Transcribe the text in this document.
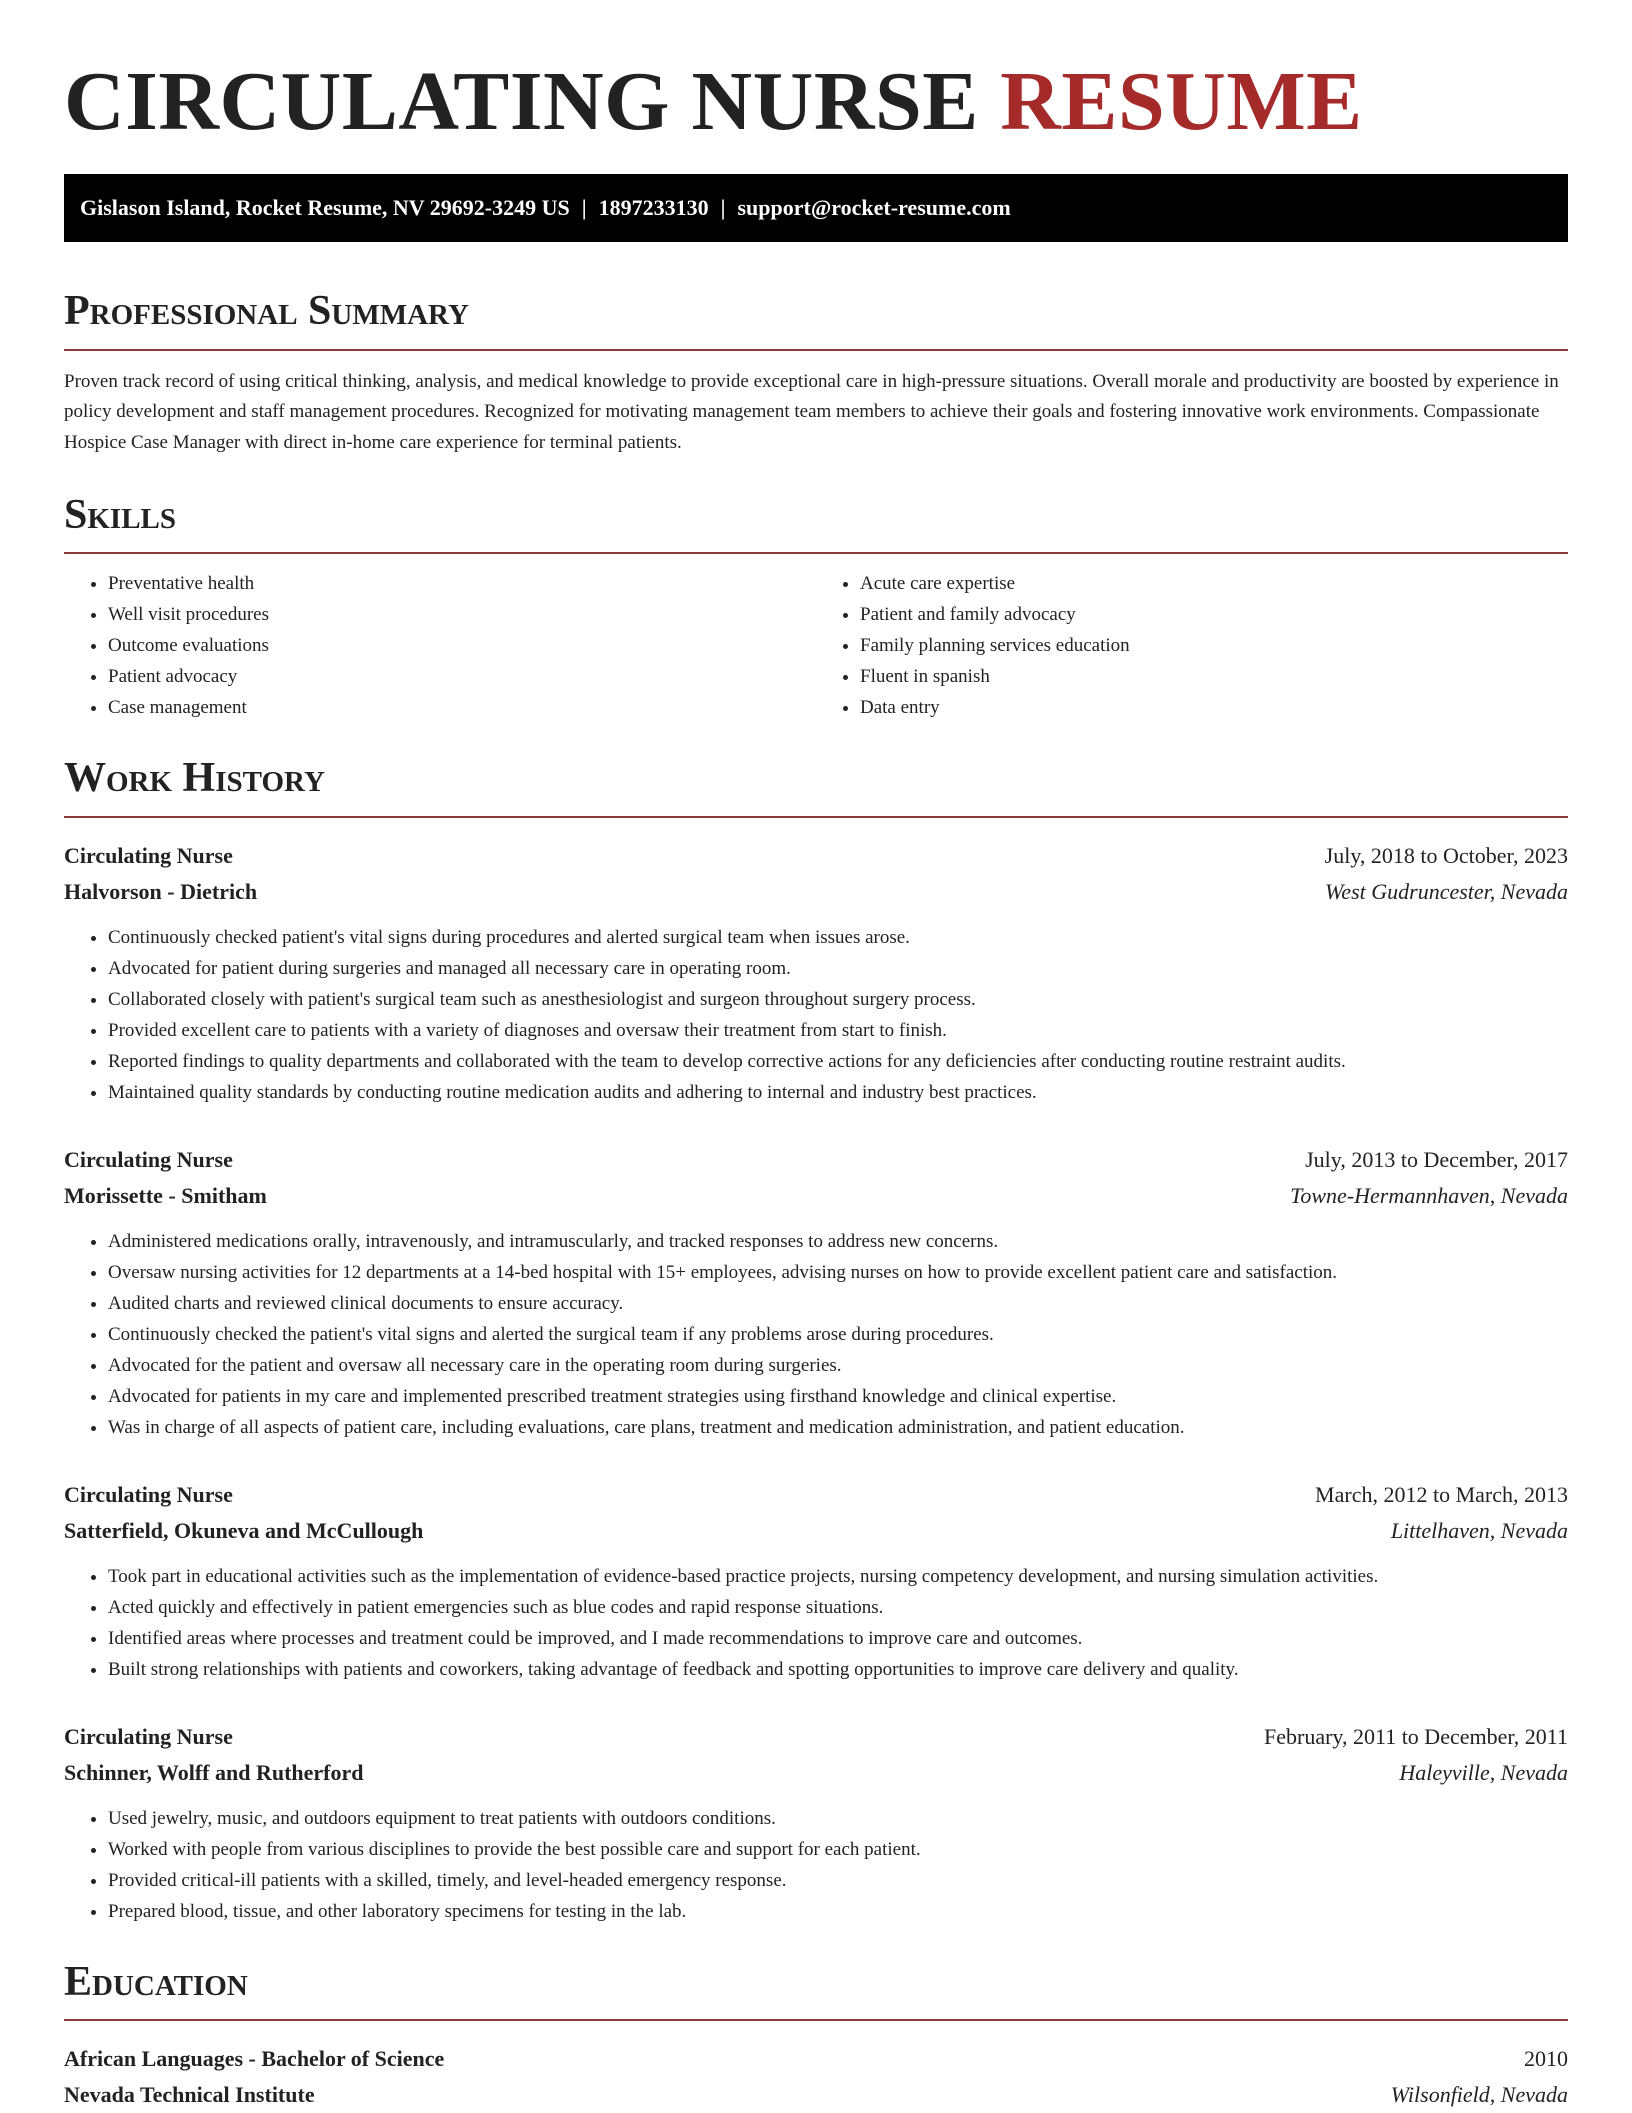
CIRCULATING NURSE RESUME
Gislason Island, Rocket Resume, NV 29692-3249 US | 1897233130 | support@rocket-resume.com
Professional Summary

Proven track record of using critical thinking, analysis, and medical knowledge to provide exceptional care in high-pressure situations. Overall morale and productivity are boosted by experience in policy development and staff management procedures. Recognized for motivating management team members to achieve their goals and fostering innovative work environments. Compassionate Hospice Case Manager with direct in-home care experience for terminal patients.

Skills
• Preventative health
• Well visit procedures
• Outcome evaluations
• Patient advocacy
• Case management
• Acute care expertise
• Patient and family advocacy
• Family planning services education
• Fluent in spanish
• Data entry
Work History
Circulating Nurse	July, 2018 to October, 2023
Halvorson - Dietrich	West Gudruncester, Nevada
• Continuously checked patient's vital signs during procedures and alerted surgical team when issues arose.
• Advocated for patient during surgeries and managed all necessary care in operating room.
• Collaborated closely with patient's surgical team such as anesthesiologist and surgeon throughout surgery process.
• Provided excellent care to patients with a variety of diagnoses and oversaw their treatment from start to finish.
• Reported findings to quality departments and collaborated with the team to develop corrective actions for any deficiencies after conducting routine restraint audits.
• Maintained quality standards by conducting routine medication audits and adhering to internal and industry best practices.
Circulating Nurse	July, 2013 to December, 2017
Morissette - Smitham	Towne-Hermannhaven, Nevada
• Administered medications orally, intravenously, and intramuscularly, and tracked responses to address new concerns.
• Oversaw nursing activities for 12 departments at a 14-bed hospital with 15+ employees, advising nurses on how to provide excellent patient care and satisfaction.
• Audited charts and reviewed clinical documents to ensure accuracy.
• Continuously checked the patient's vital signs and alerted the surgical team if any problems arose during procedures.
• Advocated for the patient and oversaw all necessary care in the operating room during surgeries.
• Advocated for patients in my care and implemented prescribed treatment strategies using firsthand knowledge and clinical expertise.
• Was in charge of all aspects of patient care, including evaluations, care plans, treatment and medication administration, and patient education.
Circulating Nurse	March, 2012 to March, 2013
Satterfield, Okuneva and McCullough	Littelhaven, Nevada
• Took part in educational activities such as the implementation of evidence-based practice projects, nursing competency development, and nursing simulation activities.
• Acted quickly and effectively in patient emergencies such as blue codes and rapid response situations.
• Identified areas where processes and treatment could be improved, and I made recommendations to improve care and outcomes.
• Built strong relationships with patients and coworkers, taking advantage of feedback and spotting opportunities to improve care delivery and quality.
Circulating Nurse	February, 2011 to December, 2011
Schinner, Wolff and Rutherford	Haleyville, Nevada
• Used jewelry, music, and outdoors equipment to treat patients with outdoors conditions.
• Worked with people from various disciplines to provide the best possible care and support for each patient.
• Provided critical-ill patients with a skilled, timely, and level-headed emergency response.
• Prepared blood, tissue, and other laboratory specimens for testing in the lab.
Education
African Languages - Bachelor of Science	2010
Nevada Technical Institute	Wilsonfield, Nevada
